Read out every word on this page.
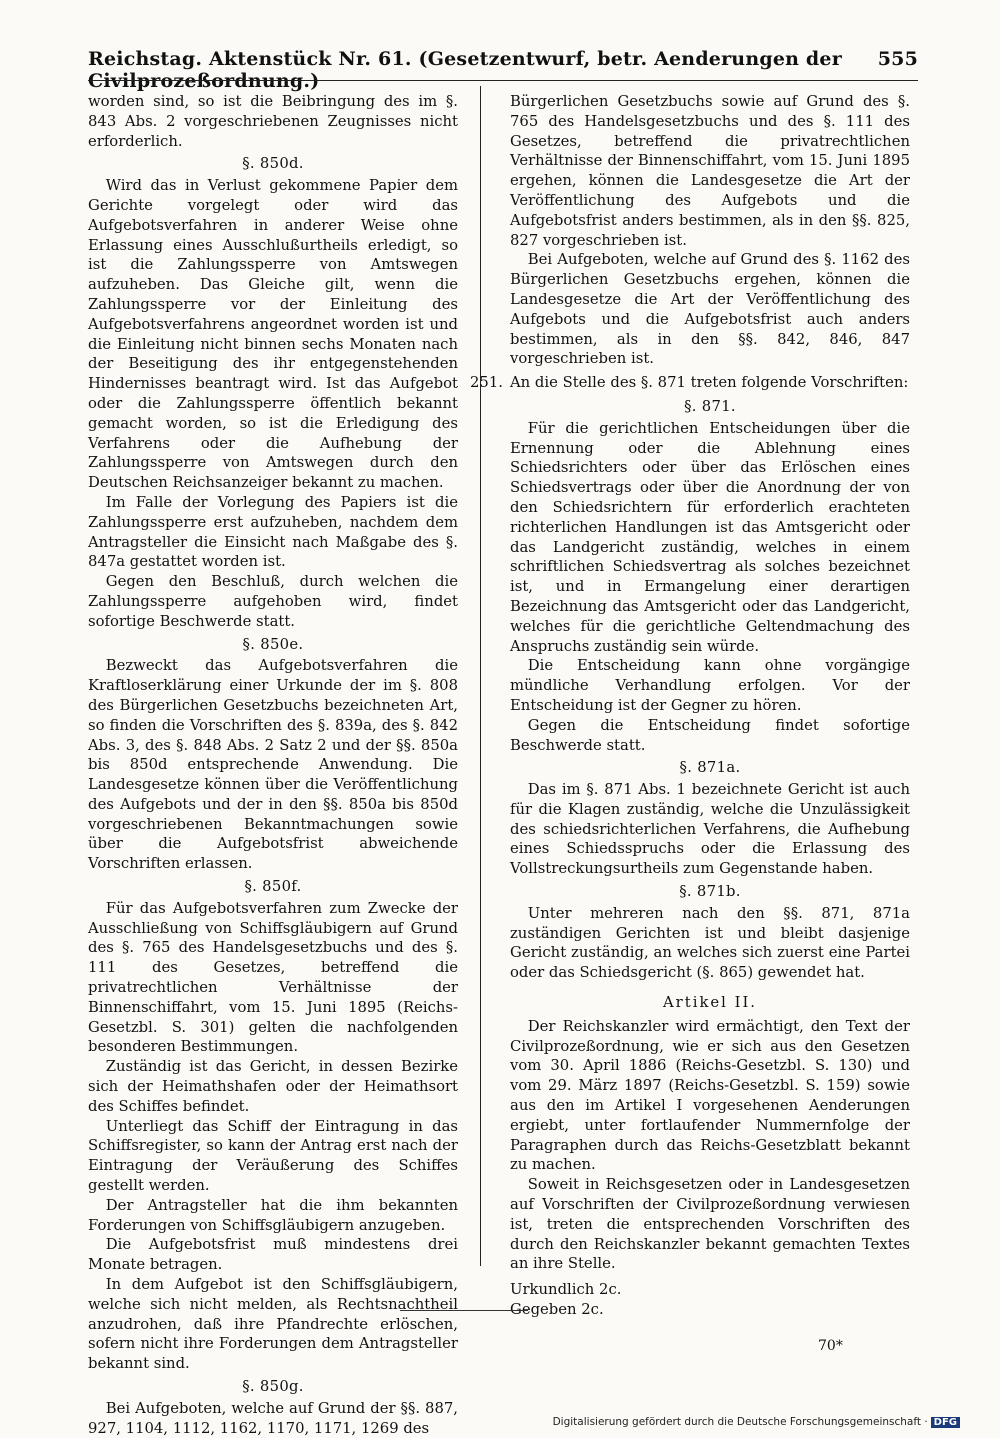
Reichstag. Aktenstück Nr. 61. (Gesetzentwurf, betr. Aenderungen der Civilprozeßordnung.)
555

worden sind, so ist die Beibringung des im §. 843 Abs. 2 vorgeschriebenen Zeugnisses nicht erforderlich.

§. 850d.

Wird das in Verlust gekommene Papier dem Gerichte vorgelegt oder wird das Aufgebotsverfahren in anderer Weise ohne Erlassung eines Ausschlußurtheils erledigt, so ist die Zahlungssperre von Amtswegen aufzuheben. Das Gleiche gilt, wenn die Zahlungssperre vor der Einleitung des Aufgebotsverfahrens angeordnet worden ist und die Einleitung nicht binnen sechs Monaten nach der Beseitigung des ihr entgegenstehenden Hindernisses beantragt wird. Ist das Aufgebot oder die Zahlungssperre öffentlich bekannt gemacht worden, so ist die Erledigung des Verfahrens oder die Aufhebung der Zahlungssperre von Amtswegen durch den Deutschen Reichsanzeiger bekannt zu machen.

Im Falle der Vorlegung des Papiers ist die Zahlungssperre erst aufzuheben, nachdem dem Antragsteller die Einsicht nach Maßgabe des §. 847a gestattet worden ist.

Gegen den Beschluß, durch welchen die Zahlungssperre aufgehoben wird, findet sofortige Beschwerde statt.

§. 850e.

Bezweckt das Aufgebotsverfahren die Kraftloserklärung einer Urkunde der im §. 808 des Bürgerlichen Gesetzbuchs bezeichneten Art, so finden die Vorschriften des §. 839a, des §. 842 Abs. 3, des §. 848 Abs. 2 Satz 2 und der §§. 850a bis 850d entsprechende Anwendung. Die Landesgesetze können über die Veröffentlichung des Aufgebots und der in den §§. 850a bis 850d vorgeschriebenen Bekanntmachungen sowie über die Aufgebotsfrist abweichende Vorschriften erlassen.

§. 850f.

Für das Aufgebotsverfahren zum Zwecke der Ausschließung von Schiffsgläubigern auf Grund des §. 765 des Handelsgesetzbuchs und des §. 111 des Gesetzes, betreffend die privatrechtlichen Verhältnisse der Binnenschiffahrt, vom 15. Juni 1895 (Reichs-Gesetzbl. S. 301) gelten die nachfolgenden besonderen Bestimmungen.

Zuständig ist das Gericht, in dessen Bezirke sich der Heimathshafen oder der Heimathsort des Schiffes befindet.

Unterliegt das Schiff der Eintragung in das Schiffsregister, so kann der Antrag erst nach der Eintragung der Veräußerung des Schiffes gestellt werden.

Der Antragsteller hat die ihm bekannten Forderungen von Schiffsgläubigern anzugeben.

Die Aufgebotsfrist muß mindestens drei Monate betragen.

In dem Aufgebot ist den Schiffsgläubigern, welche sich nicht melden, als Rechtsnachtheil anzudrohen, daß ihre Pfandrechte erlöschen, sofern nicht ihre Forderungen dem Antragsteller bekannt sind.

§. 850g.

Bei Aufgeboten, welche auf Grund der §§. 887, 927, 1104, 1112, 1162, 1170, 1171, 1269 des

Bürgerlichen Gesetzbuchs sowie auf Grund des §. 765 des Handelsgesetzbuchs und des §. 111 des Gesetzes, betreffend die privatrechtlichen Verhältnisse der Binnenschiffahrt, vom 15. Juni 1895 ergehen, können die Landesgesetze die Art der Veröffentlichung des Aufgebots und die Aufgebotsfrist anders bestimmen, als in den §§. 825, 827 vorgeschrieben ist.

Bei Aufgeboten, welche auf Grund des §. 1162 des Bürgerlichen Gesetzbuchs ergehen, können die Landesgesetze die Art der Veröffentlichung des Aufgebots und die Aufgebotsfrist auch anders bestimmen, als in den §§. 842, 846, 847 vorgeschrieben ist.

251. An die Stelle des §. 871 treten folgende Vorschriften:

§. 871.

Für die gerichtlichen Entscheidungen über die Ernennung oder die Ablehnung eines Schiedsrichters oder über das Erlöschen eines Schiedsvertrags oder über die Anordnung der von den Schiedsrichtern für erforderlich erachteten richterlichen Handlungen ist das Amtsgericht oder das Landgericht zuständig, welches in einem schriftlichen Schiedsvertrag als solches bezeichnet ist, und in Ermangelung einer derartigen Bezeichnung das Amtsgericht oder das Landgericht, welches für die gerichtliche Geltendmachung des Anspruchs zuständig sein würde.

Die Entscheidung kann ohne vorgängige mündliche Verhandlung erfolgen. Vor der Entscheidung ist der Gegner zu hören.

Gegen die Entscheidung findet sofortige Beschwerde statt.

§. 871a.

Das im §. 871 Abs. 1 bezeichnete Gericht ist auch für die Klagen zuständig, welche die Unzulässigkeit des schiedsrichterlichen Verfahrens, die Aufhebung eines Schiedsspruchs oder die Erlassung des Vollstreckungsurtheils zum Gegenstande haben.

§. 871b.

Unter mehreren nach den §§. 871, 871a zuständigen Gerichten ist und bleibt dasjenige Gericht zuständig, an welches sich zuerst eine Partei oder das Schiedsgericht (§. 865) gewendet hat.

Artikel II.

Der Reichskanzler wird ermächtigt, den Text der Civilprozeßordnung, wie er sich aus den Gesetzen vom 30. April 1886 (Reichs-Gesetzbl. S. 130) und vom 29. März 1897 (Reichs-Gesetzbl. S. 159) sowie aus den im Artikel I vorgesehenen Aenderungen ergiebt, unter fortlaufender Nummernfolge der Paragraphen durch das Reichs-Gesetzblatt bekannt zu machen.

Soweit in Reichsgesetzen oder in Landesgesetzen auf Vorschriften der Civilprozeßordnung verwiesen ist, treten die entsprechenden Vorschriften des durch den Reichskanzler bekannt gemachten Textes an ihre Stelle.

Urkundlich 2c.

Gegeben 2c.

70*
Digitalisierung gefördert durch die Deutsche Forschungsgemeinschaft · DFG
